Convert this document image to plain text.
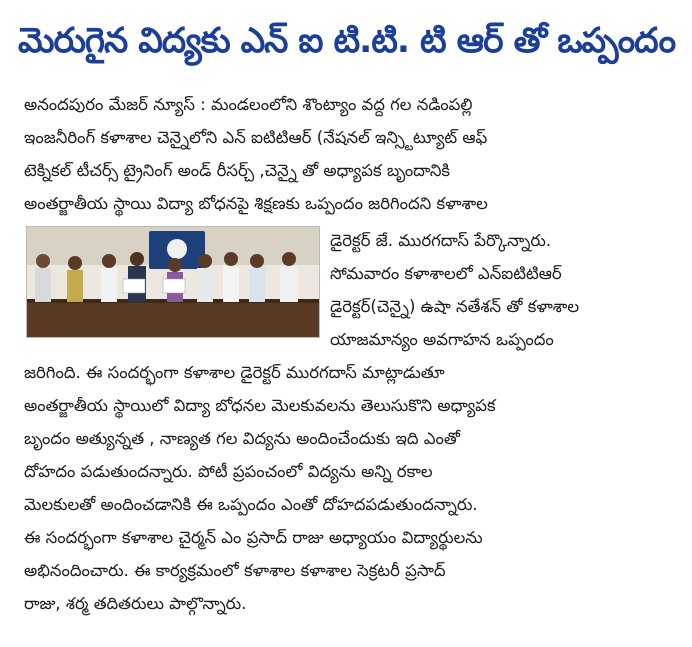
మెరుగైన విద్యకు ఎన్ ఐ టి.టి. టి ఆర్ తో ఒప్పందం
అనందపురం మేజర్ న్యూస్ : మండలంలోని శొంట్యాం వద్ద గల నడింపల్లి
ఇంజనీరింగ్ కళాశాల చెన్నైలోని ఎన్ ఐటిటిఆర్ (నేషనల్ ఇన్స్టిట్యూట్ ఆఫ్
టెక్నికల్ టీచర్స్ ట్రైనింగ్ అండ్ రీసర్చ్ ,చెన్నై తో అధ్యాపక బృందానికి
అంతర్జాతీయ స్థాయి విద్యా బోధనపై శిక్షణకు ఒప్పందం జరిగిందని కళాశాల
డైరెక్టర్ జే. మురగదాస్ పేర్కొన్నారు.
సోమవారం కళాశాలలో ఎన్ఐటిటిఆర్
డైరెక్టర్(చెన్నై) ఉషా నతేశన్ తో కళాశాల
యాజమాన్యం అవగాహన ఒప్పందం
జరిగింది. ఈ సందర్భంగా కళాశాల డైరెక్టర్ మురగదాస్ మాట్లాడుతూ
అంతర్జాతీయ స్థాయిలో విద్యా బోధనల మెలకువలను తెలుసుకొని అధ్యాపక
బృందం అత్యున్నత , నాణ్యత గల విద్యను అందించేందుకు ఇది ఎంతో
దోహదం పడుతుందన్నారు. పోటీ ప్రపంచంలో విద్యను అన్ని రకాల
మెలకులతో అందించడానికి ఈ ఒప్పందం ఎంతో దోహదపడుతుందన్నారు.
ఈ సందర్భంగా కళాశాల చైర్మన్ ఎం ప్రసాద్ రాజు అధ్యాయం విద్యార్థులను
అభినందించారు. ఈ కార్యక్రమంలో కళాశాల కళాశాల సెక్రటరీ ప్రసాద్
రాజు, శర్మ తదితరులు పాల్గొన్నారు.
